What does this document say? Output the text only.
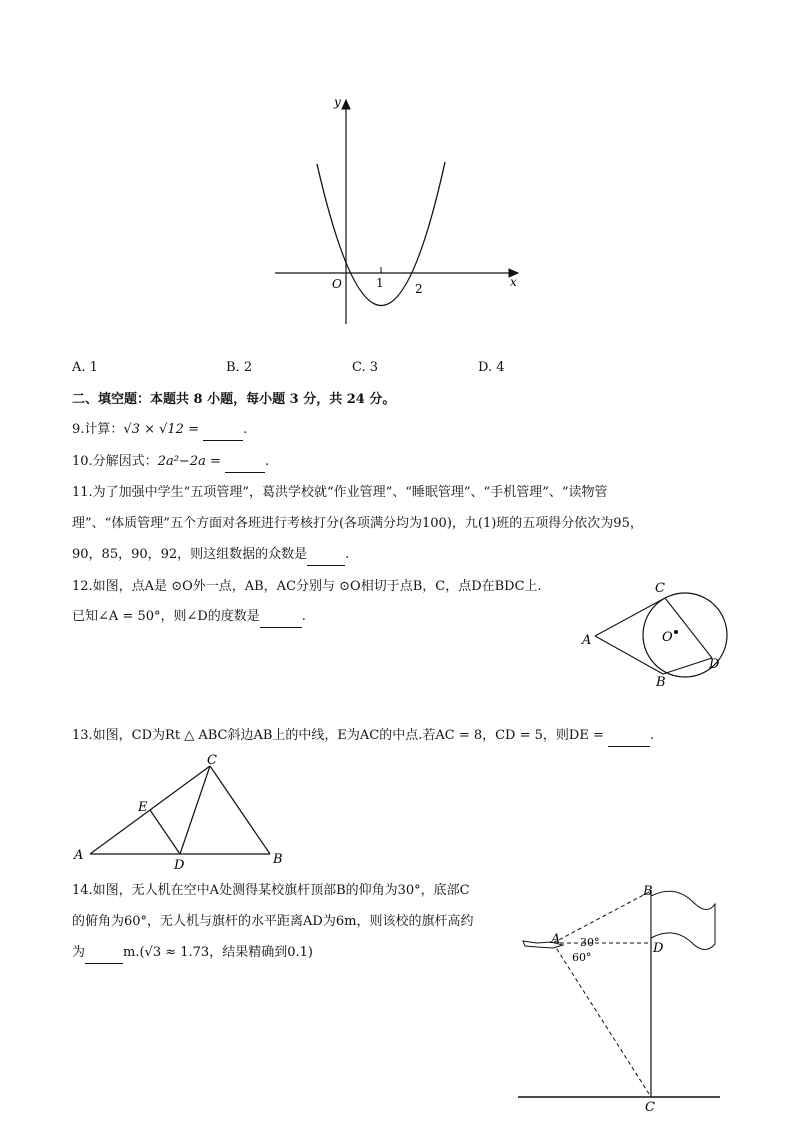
y
x
O	1	2
A. 1	B. 2	C. 3	D. 4
二、填空题：本题共 8 小题，每小题 3 分，共 24 分。
9.计算：√3 × √12 =	.
10.分解因式：2a²−2a =	.
11.为了加强中学生“五项管理”，葛洪学校就“作业管理”、“睡眠管理”、“手机管理”、“读物管
理”、“体质管理”五个方面对各班进行考核打分(各项满分均为100)，九(1)班的五项得分依次为95，
90，85，90，92，则这组数据的众数是	.
12.如图，点A是 ⊙O外一点，AB，AC分别与 ⊙O相切于点B，C，点D在BDC上.
已知∠A = 50°，则∠D的度数是	.
A
C
O
D
B
13.如图，CD为Rt △ ABC斜边AB上的中线，E为AC的中点.若AC = 8，CD = 5，则DE =	.
C
E
A
D	B
14.如图，无人机在空中A处测得某校旗杆顶部B的仰角为30°，底部C
的俯角为60°，无人机与旗杆的水平距离AD为6m，则该校的旗杆高约
为	m.(√3 ≈ 1.73，结果精确到0.1)
B
A 30°
60°
D
C
